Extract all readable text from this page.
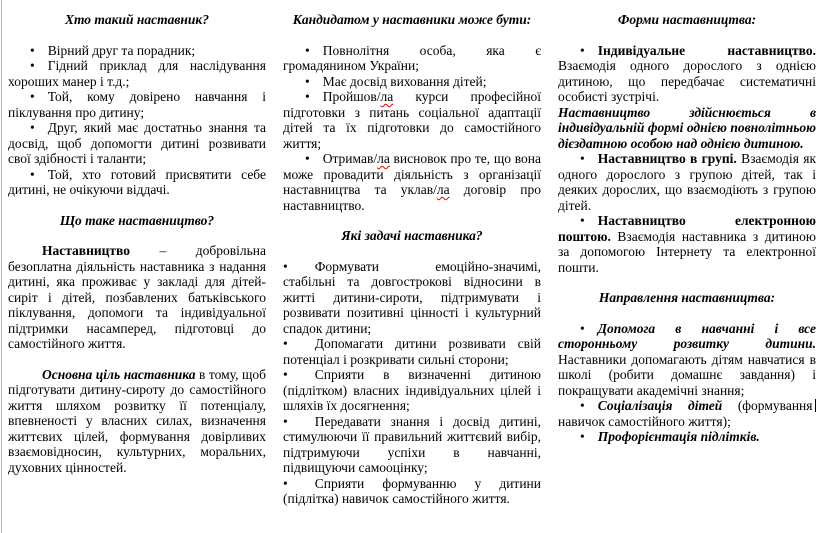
Хто такий наставник?

• Вірний друг та порадник;

• Гідний приклад для наслідування хороших манер і т.д.;

• Той, кому довірено навчання і піклування про дитину;

• Друг, який має достатньо знання та досвід, щоб допомогти дитині розвивати свої здібності і таланти;

• Той, хто готовий присвятити себе дитині, не очікуючи віддачі.

Що таке наставництво?

Наставництво – добровільна безоплатна діяльність наставника з надання дитині, яка проживає у закладі для дітей-сиріт і дітей, позбавлених батьківського піклування, допомоги та індивідуальної підтримки насамперед, підготовці до самостійного життя.

Основна ціль наставника в тому, щоб підготувати дитину-сироту до самостійного життя шляхом розвитку її потенціалу, впевненості у власних силах, визначення життєвих цілей, формування довірливих взаємовідносин, культурних, моральних, духовних цінностей.

Кандидатом у наставники може бути:

• Повнолітня особа, яка є громадянином України;

• Має досвід виховання дітей;

• Пройшов/ла курси професійної підготовки з питань соціальної адаптації дітей та їх підготовки до самостійного життя;

• Отримав/ла висновок про те, що вона може провадити діяльність з організації наставництва та уклав/ла договір про наставництво.

Які задачі наставника?

• Формувати емоційно-значимі, стабільні та довгострокові відносини в житті дитини-сироти, підтримувати і розвивати позитивні цінності і культурний спадок дитини;

• Допомагати дитини розвивати свій потенціал і розкривати сильні сторони;

• Сприяти в визначенні дитиною (підлітком) власних індивідуальних цілей і шляхів їх досягнення;

• Передавати знання і досвід дитині, стимулюючи її правильний життєвий вибір, підтримуючи успіхи в навчанні, підвищуючи самооцінку;

• Сприяти формуванню у дитини (підлітка) навичок самостійного життя.

Форми наставництва:

• Індивідуальне наставництво. Взаємодія одного дорослого з однією дитиною, що передбачає систематичні особисті зустрічі.

Наставництво здійснюється в індивідуальній формі однією повнолітньою дієздатною особою над однією дитиною.

• Наставництво в групі. Взаємодія як одного дорослого з групою дітей, так і деяких дорослих, що взаємодіють з групою дітей.

• Наставництво електронною поштою. Взаємодія наставника з дитиною за допомогою Інтернету та електронної пошти.

Направлення наставництва:

• Допомога в навчанні і все сторонньому розвитку дитини. Наставники допомагають дітям навчатися в школі (робити домашнє завдання) і покращувати академічні знання;

• Соціалізація дітей (формування навичок самостійного життя);

• Профорієнтація підлітків.
